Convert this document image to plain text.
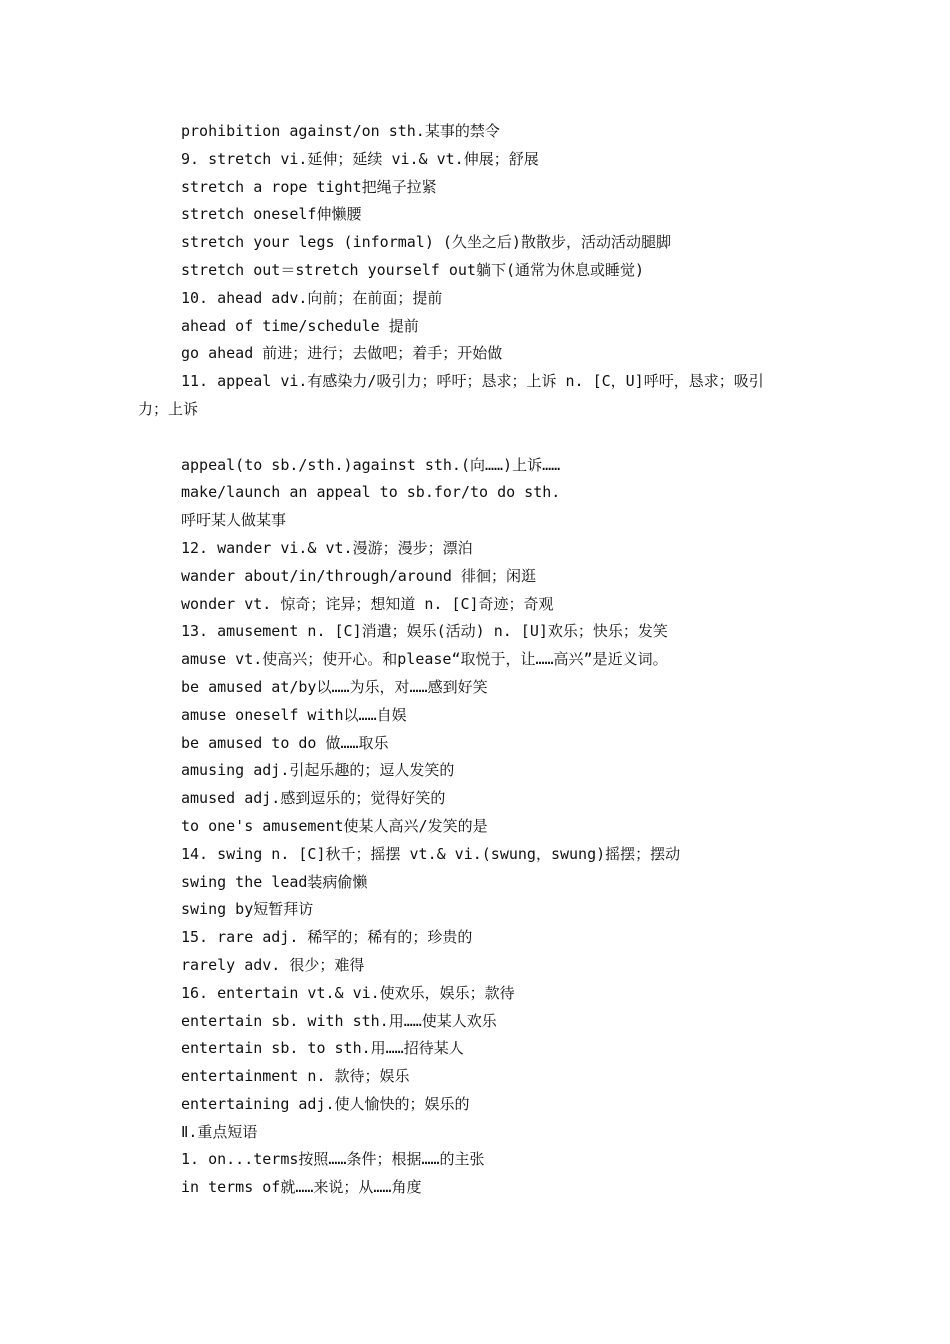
prohibition against/on sth.某事的禁令
9. stretch vi.延伸；延续 vi.& vt.伸展；舒展
stretch a rope tight把绳子拉紧
stretch oneself伸懒腰
stretch your legs (informal) (久坐之后)散散步，活动活动腿脚
stretch out＝stretch yourself out躺下(通常为休息或睡觉)
10. ahead adv.向前；在前面；提前
ahead of time/schedule 提前
go ahead 前进；进行；去做吧；着手；开始做
11. appeal vi.有感染力/吸引力；呼吁；恳求；上诉 n. [C，U]呼吁，恳求；吸引
力；上诉
appeal(to sb./sth.)against sth.(向……)上诉……
make/launch an appeal to sb.for/to do sth.
呼吁某人做某事
12. wander vi.& vt.漫游；漫步；漂泊
wander about/in/through/around 徘徊；闲逛
wonder vt. 惊奇；诧异；想知道 n. [C]奇迹；奇观
13. amusement n. [C]消遣；娱乐(活动) n. [U]欢乐；快乐；发笑
amuse vt.使高兴；使开心。和please“取悦于，让……高兴”是近义词。
be amused at/by以……为乐，对……感到好笑
amuse oneself with以……自娱
be amused to do 做……取乐
amusing adj.引起乐趣的；逗人发笑的
amused adj.感到逗乐的；觉得好笑的
to one's amusement使某人高兴/发笑的是
14. swing n. [C]秋千；摇摆 vt.& vi.(swung，swung)摇摆；摆动
swing the lead装病偷懒
swing by短暂拜访
15. rare adj. 稀罕的；稀有的；珍贵的
rarely adv. 很少；难得
16. entertain vt.& vi.使欢乐，娱乐；款待
entertain sb. with sth.用……使某人欢乐
entertain sb. to sth.用……招待某人
entertainment n. 款待；娱乐
entertaining adj.使人愉快的；娱乐的
Ⅱ.重点短语
1. on...terms按照……条件；根据……的主张
in terms of就……来说；从……角度
